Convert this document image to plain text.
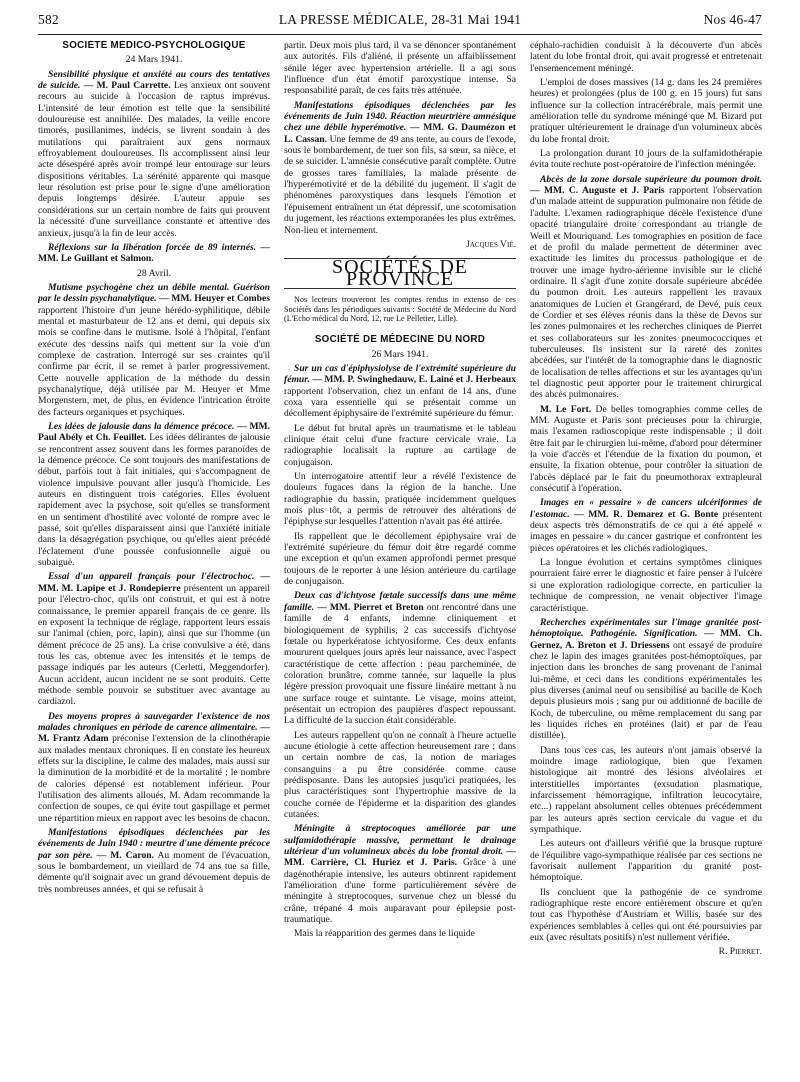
582	LA PRESSE MÉDICALE, 28-31 Mai 1941	Nos 46-47
SOCIÉTÉ MÉDICO-PSYCHOLOGIQUE
24 Mars 1941.

Sensibilité physique et anxiété au cours des tentatives de suicide. — M. Paul Carrette. Les anxieux ont souvent recours au suicide à l'occasion de raptus imprévus. L'intensité de leur émotion est telle que la sensibilité douloureuse est annihilée. Des malades, la veille encore timorés, pusillanimes, indécis, se livrent soudain à des mutilations qui paraîtraient aux gens normaux effroyablement douloureuses. Ils accomplissent ainsi leur acte désespéré après avoir trompé leur entourage sur leurs dispositions véritables. La sérénité apparente qui masque leur résolution est prise pour le signe d'une amélioration depuis longtemps désirée. L'auteur appuie ses considérations sur un certain nombre de faits qui prouvent la nécessité d'une surveillance constante et attentive des anxieux, jusqu'à la fin de leur accès.

Réflexions sur la libération forcée de 89 internés. — MM. Le Guillant et Salmon.

28 Avril.

Mutisme psychogène chez un débile mental. Guérison par le dessin psychanalytique. — MM. Heuyer et Combes rapportent l'histoire d'un jeune hérédo-syphilitique, débile mental et masturbateur de 12 ans et demi, qui depuis six mois se confine dans le mutisme. Isolé à l'hôpital, l'enfant exécute des dessins naïfs qui mettent sur la voie d'un complexe de castration. Interrogé sur ses craintes qu'il confirme par écrit, il se remet à parler progressivement. Cette nouvelle application de la méthode du dessin psychanalytique, déjà utilisée par M. Heuyer et Mme Morgenstern, met, de plus, en évidence l'intrication étroite des facteurs organiques et psychiques.

Les idées de jalousie dans la démence précoce. — MM. Paul Abély et Ch. Feuillet. Les idées délirantes de jalousie se rencontrent assez souvent dans les formes paranoïdes de la démence précoce. Ce sont toujours des manifestations de début, parfois tout à fait initiales, qui s'accompagnent de violence impulsive pouvant aller jusqu'à l'homicide. Les auteurs en distinguent trois catégories. Elles évoluent rapidement avec la psychose, soit qu'elles se transforment en un sentiment d'hostilité avec volonté de rompre avec le passé, soit qu'elles disparaissent ainsi que l'anxiété initiale dans la désagrégation psychique, ou qu'elles aient précédé l'éclatement d'une poussée confusionnelle aiguë ou subaiguë.

Essai d'un appareil français pour l'électrochoc. — MM. M. Lapipe et J. Rondepierre présentent un appareil pour l'électro-choc, qu'ils ont construit, et qui est à notre connaissance, le premier appareil français de ce genre. Ils en exposent la technique de réglage, rapportent leurs essais sur l'animal (chien, porc, lapin), ainsi que sur l'homme (un dément précoce de 25 ans). La crise convulsive a été, dans tous les cas, obtenue avec les intensités et le temps de passage indiqués par les auteurs (Cerletti, Meggendorfer). Aucun accident, aucun incident ne se sont produits. Cette méthode semble pouvoir se substituer avec avantage au cardiazol.

Des moyens propres à sauvegarder l'existence de nos malades chroniques en période de carence alimentaire. — M. Frantz Adam préconise l'extension de la clinothérapie aux malades mentaux chroniques. Il en constate les heureux effets sur la discipline, le calme des malades, mais aussi sur la diminution de la morbidité et de la mortalité ; le nombre de calories dépensé est notablement inférieur. Pour l'utilisation des aliments alloués, M. Adam recommande la confection de soupes, ce qui évite tout gaspillage et permet une répartition mieux en rapport avec les besoins de chacun.

Manifestations épisodiques déclenchées par les événements de Juin 1940 : meurtre d'une démente précoce par son père. — M. Caron. Au moment de l'évacuation, sous le bombardement, un vieillard de 74 ans tue sa fille, démente qu'il soignait avec un grand dévouement depuis de très nombreuses années, et qui se refusait à

partir. Deux mois plus tard, il va se dénoncer spontanément aux autorités. Fils d'aliéné, il présente un affaiblissement sénile léger avec hypertension artérielle. Il a agi sous l'influence d'un état émotif paroxystique intense. Sa responsabilité paraît, de ces faits très atténuée.

Manifestations épisodiques déclenchées par les événements de Juin 1940. Réaction meurtrière amnésique chez une débile hyperémotive. — MM. G. Daumézon et L. Cassan. Une femme de 49 ans tente, au cours de l'exode, sous le bombardement, de tuer son fils, sa sœur, sa nièce, et de se suicider. L'amnésie consécutive paraît complète. Outre de grosses tares familiales, la malade présente de l'hyperémotivité et de la débilité du jugement. Il s'agit de phénomènes paroxystiques dans lesquels l'émotion et l'épuisement entraînent un état dépressif, une scotomisation du jugement, les réactions extemporanées les plus extrêmes. Non-lieu et internement.

Jacques Vié.
SOCIÉTÉS DE PROVINCE

Nos lecteurs trouveront les comptes rendus in extenso de ces Sociétés dans les périodiques suivants : Société de Médecine du Nord (L'Echo médical du Nord, 12, rue Le Pelletier, Lille).

SOCIÉTÉ DE MÉDECINE DU NORD
26 Mars 1941.

Sur un cas d'épiphysiolyse de l'extrémité supérieure du fémur. — MM. P. Swinghedauw, E. Lainé et J. Herbeaux rapportent l'observation, chez un enfant de 14 ans, d'une coxa vara essentielle qui se présentait comme un décollement épiphysaire de l'extrémité supérieure du fémur.

Le début fut brutal après un traumatisme et le tableau clinique était celui d'une fracture cervicale vraie. La radiographie localisait la rupture au cartilage de conjugaison.

Un interrogatoire attentif leur a révélé l'existence de douleurs fugaces dans la région de la hanche. Une radiographie du bassin, pratiquée incidemment quelques mois plus tôt, a permis de retrouver des altérations de l'épiphyse sur lesquelles l'attention n'avait pas été attirée.

Ils rappellent que le décollement épiphysaire vrai de l'extrémité supérieure du fémur doit être regardé comme une exception et qu'un examen approfondi permet presque toujours de le reporter à une lésion antérieure du cartilage de conjugaison.

Deux cas d'ichtyose fœtale successifs dans une même famille. — MM. Pierret et Breton ont rencontré dans une famille de 4 enfants, indemne cliniquement et biologiquement de syphilis, 2 cas successifs d'ichtyose fœtale ou hyperkératose ichtyosiforme. Ces deux enfants moururent quelques jours après leur naissance, avec l'aspect caractéristique de cette affection : peau parcheminée, de coloration brunâtre, comme tannée, sur laquelle la plus légère pression provoquait une fissure linéaire mettant à nu une surface rouge et suintante. Le visage, moins atteint, présentait un ectropion des paupières d'aspect repoussant. La difficulté de la succion était considérable.

Les auteurs rappellent qu'on ne connaît à l'heure actuelle aucune étiologie à cette affection heureusement rare ; dans un certain nombre de cas, la notion de mariages consanguins a pu être considérée comme cause prédisposante. Dans les autopsies jusqu'ici pratiquées, les plus caractéristiques sont l'hypertrophie massive de la couche cornée de l'épiderme et la disparition des glandes cutanées.

Méningite à streptocoques améliorée par une sulfamidothérapie massive, permettant le drainage ultérieur d'un volumineux abcès du lobe frontal droit. — MM. Carrière, Cl. Huriez et J. Paris. Grâce à une dagénothérapie intensive, les auteurs obtinrent rapidement l'amélioration d'une forme particulièrement sévère de méningite à streptocoques, survenue chez un blessé du crâne, trépané 4 mois auparavant pour épilepsie post-traumatique.

Mais la réapparition des germes dans le liquide

céphalo-rachidien conduisit à la découverte d'un abcès latent du lobe frontal droit, qui avait progressé et entretenait l'ensemencement méningé.

L'emploi de doses massives (14 g. dans les 24 premières heures) et prolongées (plus de 100 g. en 15 jours) fut sans influence sur la collection intracérébrale, mais permit une amélioration telle du syndrome méningé que M. Bizard put pratiquer ultérieurement le drainage d'un volumineux abcès du lobe frontal droit.

La prolongation durant 10 jours de la sulfamidothérapie évita toute rechute post-opératoire de l'infection méningée.

Abcès de la zone dorsale supérieure du poumon droit. — MM. C. Auguste et J. Paris rapportent l'observation d'un malade atteint de suppuration pulmonaire non fétide de l'adulte. L'examen radiographique décèle l'existence d'une opacité triangulaire droite correspondant au triangle de Weill et Mouriquand. Les tomographies en position de face et de profil du malade permettent de déterminer avec exactitude les limites du processus pathologique et de trouver une image hydro-aérienne invisible sur le cliché ordinaire. Il s'agit d'une zonite dorsale supérieure abcédée du poumon droit. Les auteurs rappellent les travaux anatomiques de Lucien et Grangérard, de Devé, puis ceux de Cordier et ses élèves réunis dans la thèse de Devos sur les zones pulmonaires et les recherches cliniques de Pierret et ses collaborateurs sur les zonites pneumococciques et tuberculeuses. Ils insistent sur la rareté des zonites abcédées, sur l'intérêt de la tomographie dans le diagnostic de localisation de telles affections et sur les avantages qu'un tel diagnostic peut apporter pour le traitement chirurgical des abcès pulmonaires.

M. Le Fort. De belles tomographies comme celles de MM. Auguste et Paris sont précieuses pour la chirurgie, mais l'examen radioscopique reste indispensable ; il doit être fait par le chirurgien lui-même, d'abord pour déterminer la voie d'accès et l'étendue de la fixation du poumon, et ensuite, la fixation obtenue, pour contrôler la situation de l'abcès déplacé par le fait du pneumothorax extrapleural consécutif à l'opération.

Images en « pessaire » de cancers ulcériformes de l'estomac. — MM. R. Demarez et G. Bonte présentent deux aspects très démonstratifs de ce qui a été appelé « images en pessaire » du cancer gastrique et confrontent les pièces opératoires et les clichés radiologiques.

La longue évolution et certains symptômes cliniques pourraient faire errer le diagnostic et faire penser à l'ulcère si une exploration radiologique correcte, en particulier la technique de compression, ne venait objectiver l'image caractéristique.

Recherches expérimentales sur l'image granitée post-hémoptoïque. Pathogénie. Signification. — MM. Ch. Gernez, A. Breton et J. Driessens ont essayé de produire chez le lapin des images granitées post-hémoptoïques, par injection dans les bronches de sang provenant de l'animal lui-même, et ceci dans les conditions expérimentales les plus diverses (animal neuf ou sensibilisé au bacille de Koch depuis plusieurs mois ; sang pur ou additionné de bacille de Koch, de tuberculine, ou même remplacement du sang par les liquides riches en protéines (lait) et par de l'eau distillée).

Dans tous ces cas, les auteurs n'ont jamais observé la moindre image radiologique, bien que l'examen histologique ait montré des lésions alvéolaires et interstitielles importantes (exsudation plasmatique, infarcissement hémorragique, infiltration leucocytaire, etc...) rappelant absolument celles obtenues précédemment par les auteurs après section cervicale du vague et du sympathique.

Les auteurs ont d'ailleurs vérifié que la brusque rupture de l'équilibre vago-sympathique réalisée par ces sections ne favorisait nullement l'apparition du granité post-hémoptoïque.

Ils concluent que la pathogénie de ce syndrome radiographique reste encore entièrement obscure et qu'en tout cas l'hypothèse d'Austriam et Willis, basée sur des expériences semblables à celles qui ont été poursuivies par eux (avec résultats positifs) n'est nullement vérifiée.

R. Pierret.
